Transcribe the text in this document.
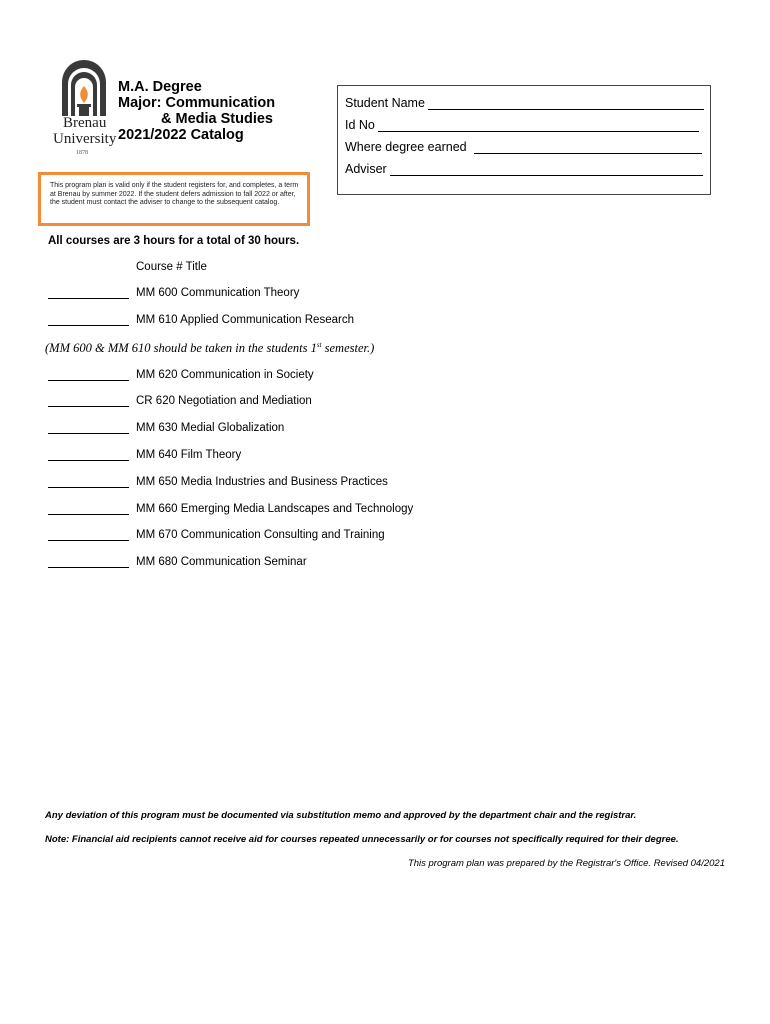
Brenau
University
1878
M.A. Degree
Major: Communication
& Media Studies
2021/2022 Catalog
Student Name
Id No
Where degree earned
Adviser
This program plan is valid only if the student registers for, and completes, a term at Brenau by summer 2022. If the student defers admission to fall 2022 or after, the student must contact the adviser to change to the subsequent catalog.
All courses are 3 hours for a total of 30 hours.
Course # Title
MM 600 Communication Theory
MM 610 Applied Communication Research
(MM 600 & MM 610 should be taken in the students 1st semester.)
MM 620 Communication in Society
CR 620 Negotiation and Mediation
MM 630 Medial Globalization
MM 640 Film Theory
MM 650 Media Industries and Business Practices
MM 660 Emerging Media Landscapes and Technology
MM 670 Communication Consulting and Training
MM 680 Communication Seminar
Any deviation of this program must be documented via substitution memo and approved by the department chair and the registrar.
Note: Financial aid recipients cannot receive aid for courses repeated unnecessarily or for courses not specifically required for their degree.
This program plan was prepared by the Registrar's Office. Revised 04/2021
